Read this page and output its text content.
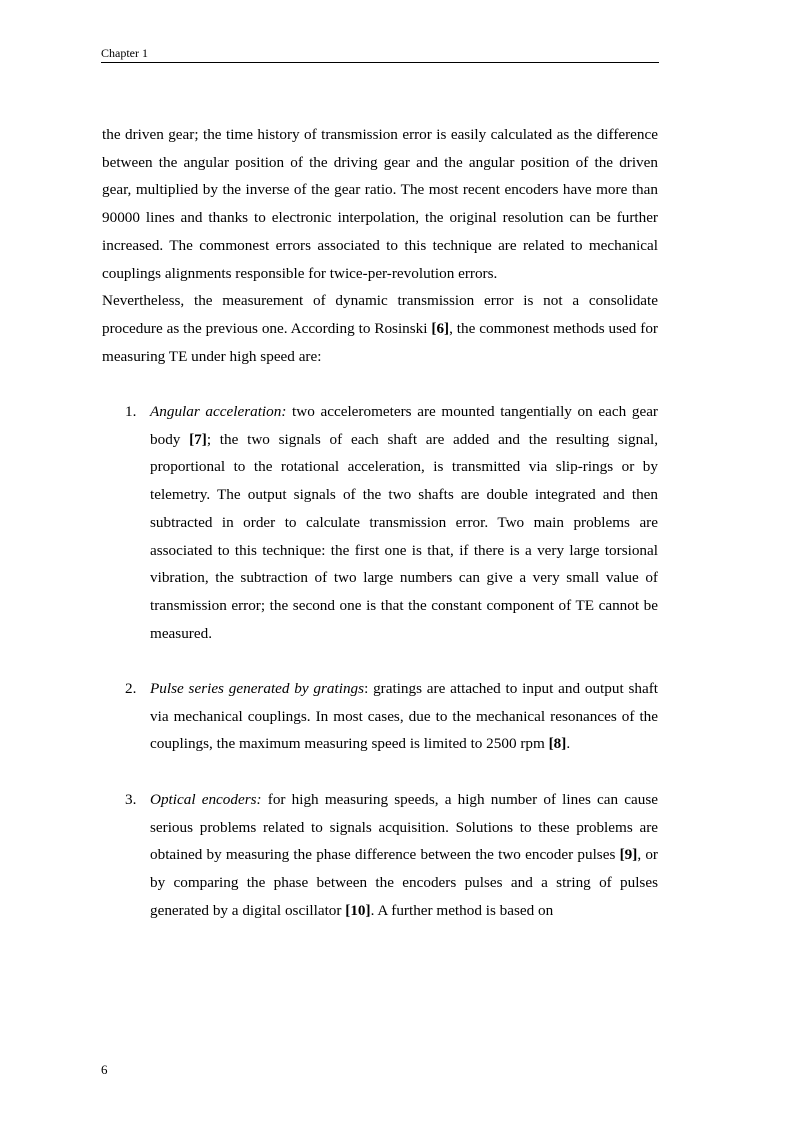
Chapter 1

the driven gear; the time history of transmission error is easily calculated as the difference between the angular position of the driving gear and the angular position of the driven gear, multiplied by the inverse of the gear ratio. The most recent encoders have more than 90000 lines and thanks to electronic interpolation, the original resolution can be further increased. The commonest errors associated to this technique are related to mechanical couplings alignments responsible for twice-per-revolution errors.

Nevertheless, the measurement of dynamic transmission error is not a consolidate procedure as the previous one. According to Rosinski [6], the commonest methods used for measuring TE under high speed are:

1. Angular acceleration: two accelerometers are mounted tangentially on each gear body [7]; the two signals of each shaft are added and the resulting signal, proportional to the rotational acceleration, is transmitted via slip-rings or by telemetry. The output signals of the two shafts are double integrated and then subtracted in order to calculate transmission error. Two main problems are associated to this technique: the first one is that, if there is a very large torsional vibration, the subtraction of two large numbers can give a very small value of transmission error; the second one is that the constant component of TE cannot be measured.
2. Pulse series generated by gratings: gratings are attached to input and output shaft via mechanical couplings. In most cases, due to the mechanical resonances of the couplings, the maximum measuring speed is limited to 2500 rpm [8].
3. Optical encoders: for high measuring speeds, a high number of lines can cause serious problems related to signals acquisition. Solutions to these problems are obtained by measuring the phase difference between the two encoder pulses [9], or by comparing the phase between the encoders pulses and a string of pulses generated by a digital oscillator [10]. A further method is based on
6
